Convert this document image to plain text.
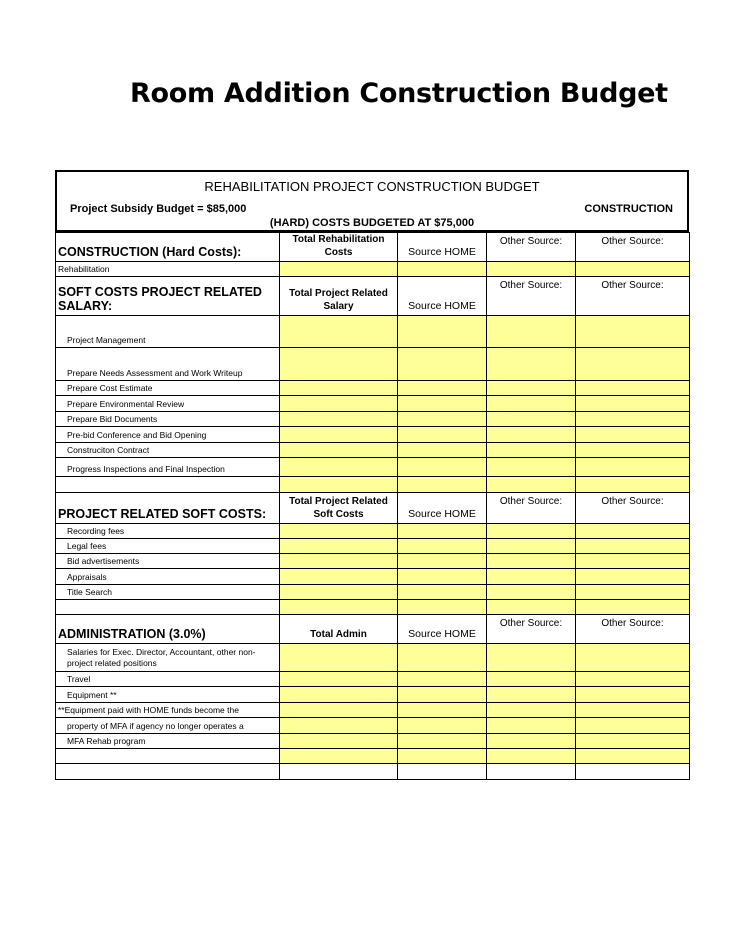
Room Addition Construction Budget
REHABILITATION PROJECT CONSTRUCTION BUDGET
Project Subsidy Budget = $85,000	CONSTRUCTION
(HARD) COSTS BUDGETED AT $75,000
CONSTRUCTION (Hard Costs):	Total Rehabilitation Costs	Source HOME	Other Source:	Other Source:
Rehabilitation				
SOFT COSTS PROJECT RELATED SALARY:	Total Project Related Salary	Source HOME	Other Source:	Other Source:
Project Management				
Prepare Needs Assessment and Work Writeup				
Prepare Cost Estimate				
Prepare Environmental Review				
Prepare Bid Documents				
Pre-bid Conference and Bid Opening				
Construciton Contract				
Progress Inspections and Final Inspection				

PROJECT RELATED SOFT COSTS:	Total Project Related Soft Costs	Source HOME	Other Source:	Other Source:
Recording fees				
Legal fees				
Bid advertisements				
Appraisals				
Title Search				

ADMINISTRATION (3.0%)	Total Admin	Source HOME	Other Source:	Other Source:
Salaries for Exec. Director, Accountant, other non-project related positions				
Travel				
Equipment **				
**Equipment paid with HOME funds become the				
property of MFA if agency no longer operates a				
MFA Rehab program				
